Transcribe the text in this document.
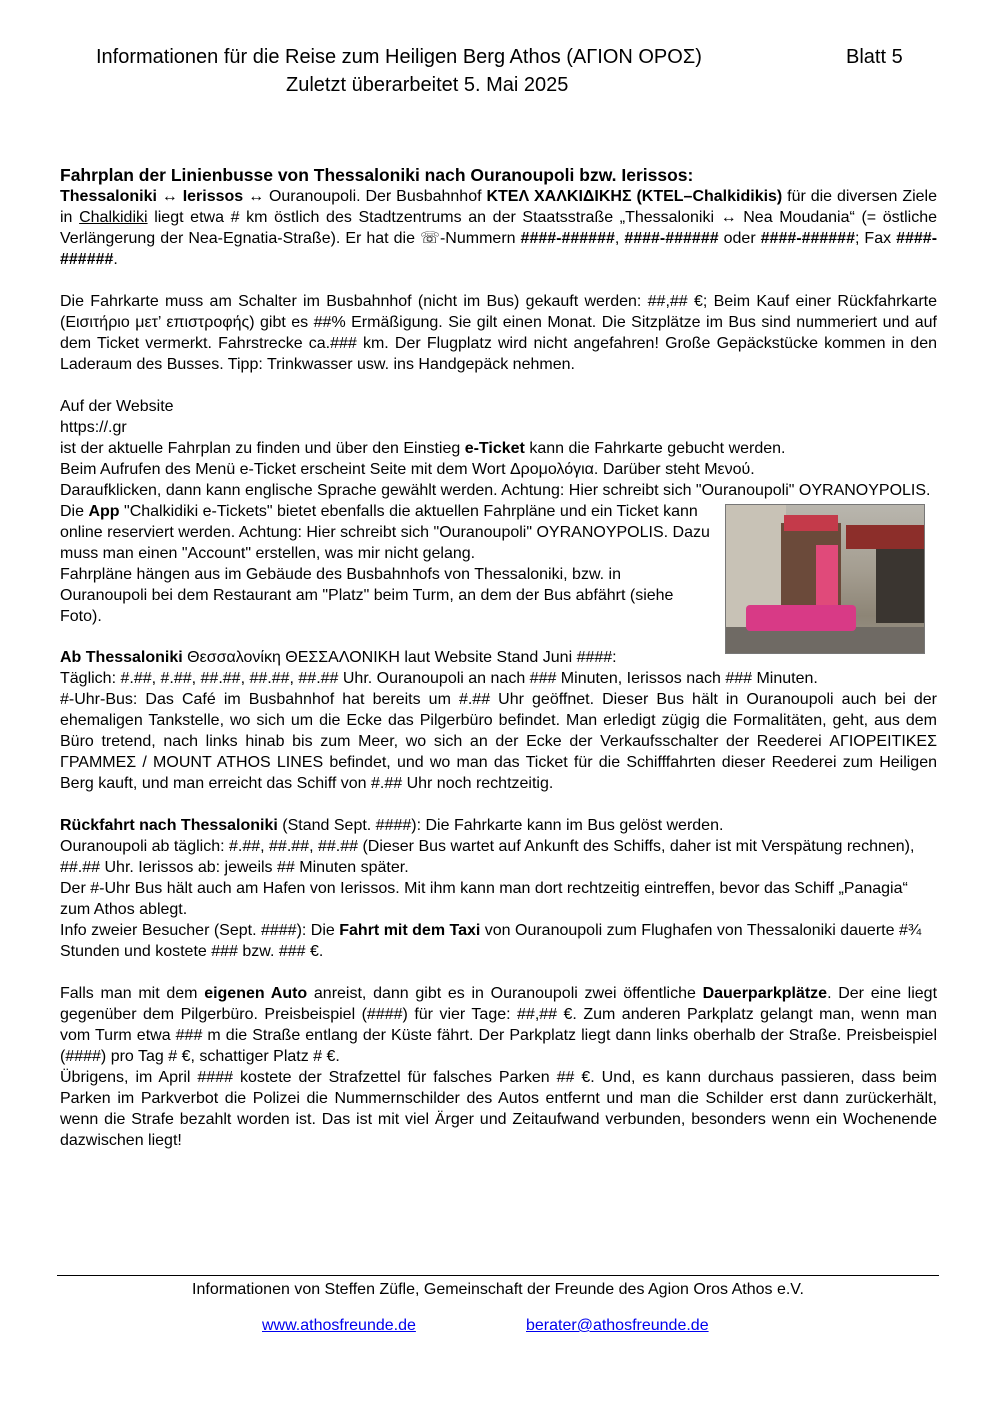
Informationen für die Reise zum Heiligen Berg Athos (ΑΓΙΟΝ ΟΡΟΣ)	Blatt 5
Zuletzt überarbeitet 5. Mai 2025

Fahrplan der Linienbusse von Thessaloniki nach Ouranoupoli bzw. Ierissos:

Thessaloniki ↔ Ierissos ↔ Ouranoupoli. Der Busbahnhof ΚΤΕΛ ΧΑΛΚΙΔΙΚΗΣ (KTEL–Chalkidikis) für die diversen Ziele in Chalkidiki liegt etwa # km östlich des Stadtzentrums an der Staatsstraße „Thessaloniki ↔ Nea Moudania“ (= östliche Verlängerung der Nea-Egnatia-Straße). Er hat die ☏-Nummern ####-######, ####-###### oder ####-######; Fax ####-######.

Die Fahrkarte muss am Schalter im Busbahnhof (nicht im Bus) gekauft werden: ##,## €; Beim Kauf einer Rückfahrkarte (Εισιτήριο μετ’ επιστροφής) gibt es ##% Ermäßigung. Sie gilt einen Monat. Die Sitzplätze im Bus sind nummeriert und auf dem Ticket vermerkt. Fahrstrecke ca.### km. Der Flugplatz wird nicht angefahren! Große Gepäckstücke kommen in den Laderaum des Busses. Tipp: Trinkwasser usw. ins Handgepäck nehmen.

Auf der Website

https://.gr

ist der aktuelle Fahrplan zu finden und über den Einstieg e-Ticket kann die Fahrkarte gebucht werden.

Beim Aufrufen des Menü e-Ticket erscheint Seite mit dem Wort Δρομολόγια. Darüber steht Μενού.

Daraufklicken, dann kann englische Sprache gewählt werden. Achtung: Hier schreibt sich "Ouranoupoli" OYRANOYPOLIS.

Die App "Chalkidiki e-Tickets" bietet ebenfalls die aktuellen Fahrpläne und ein Ticket kann online reserviert werden. Achtung: Hier schreibt sich "Ouranoupoli" OYRANOYPOLIS. Dazu muss man einen "Account" erstellen, was mir nicht gelang.

Fahrpläne hängen aus im Gebäude des Busbahnhofs von Thessaloniki, bzw. in Ouranoupoli bei dem Restaurant am "Platz" beim Turm, an dem der Bus abfährt (siehe Foto).

Ab Thessaloniki Θεσσαλονίκη ΘΕΣΣΑΛΟΝΙΚΗ laut Website Stand Juni ####:

Täglich: #.##, #.##, ##.##, ##.##, ##.## Uhr. Ouranoupoli an nach ### Minuten, Ierissos nach ### Minuten.

#-Uhr-Bus: Das Café im Busbahnhof hat bereits um #.## Uhr geöffnet. Dieser Bus hält in Ouranoupoli auch bei der ehemaligen Tankstelle, wo sich um die Ecke das Pilgerbüro befindet. Man erledigt zügig die Formalitäten, geht, aus dem Büro tretend, nach links hinab bis zum Meer, wo sich an der Ecke der Verkaufsschalter der Reederei ΑΓΙΟΡΕΙΤΙΚΕΣ ΓΡΑΜΜΕΣ / MOUNT ATHOS LINES befindet, und wo man das Ticket für die Schifffahrten dieser Reederei zum Heiligen Berg kauft, und man erreicht das Schiff von #.## Uhr noch rechtzeitig.

Rückfahrt nach Thessaloniki (Stand Sept. ####): Die Fahrkarte kann im Bus gelöst werden.

Ouranoupoli ab täglich: #.##, ##.##, ##.## (Dieser Bus wartet auf Ankunft des Schiffs, daher ist mit Verspätung rechnen), ##.## Uhr. Ierissos ab: jeweils ## Minuten später.

Der #-Uhr Bus hält auch am Hafen von Ierissos. Mit ihm kann man dort rechtzeitig eintreffen, bevor das Schiff „Panagia“ zum Athos ablegt.

Info zweier Besucher (Sept. ####): Die Fahrt mit dem Taxi von Ouranoupoli zum Flughafen von Thessaloniki dauerte #¾ Stunden und kostete ### bzw. ### €.

Falls man mit dem eigenen Auto anreist, dann gibt es in Ouranoupoli zwei öffentliche Dauerparkplätze. Der eine liegt gegenüber dem Pilgerbüro. Preisbeispiel (####) für vier Tage: ##,## €. Zum anderen Parkplatz gelangt man, wenn man vom Turm etwa ### m die Straße entlang der Küste fährt. Der Parkplatz liegt dann links oberhalb der Straße. Preisbeispiel (####) pro Tag # €, schattiger Platz # €.

Übrigens, im April #### kostete der Strafzettel für falsches Parken ## €. Und, es kann durchaus passieren, dass beim Parken im Parkverbot die Polizei die Nummernschilder des Autos entfernt und man die Schilder erst dann zurückerhält, wenn die Strafe bezahlt worden ist. Das ist mit viel Ärger und Zeitaufwand verbunden, besonders wenn ein Wochenende dazwischen liegt!

Informationen von Steffen Züfle, Gemeinschaft der Freunde des Agion Oros Athos e.V.
www.athosfreunde.de	berater@athosfreunde.de
